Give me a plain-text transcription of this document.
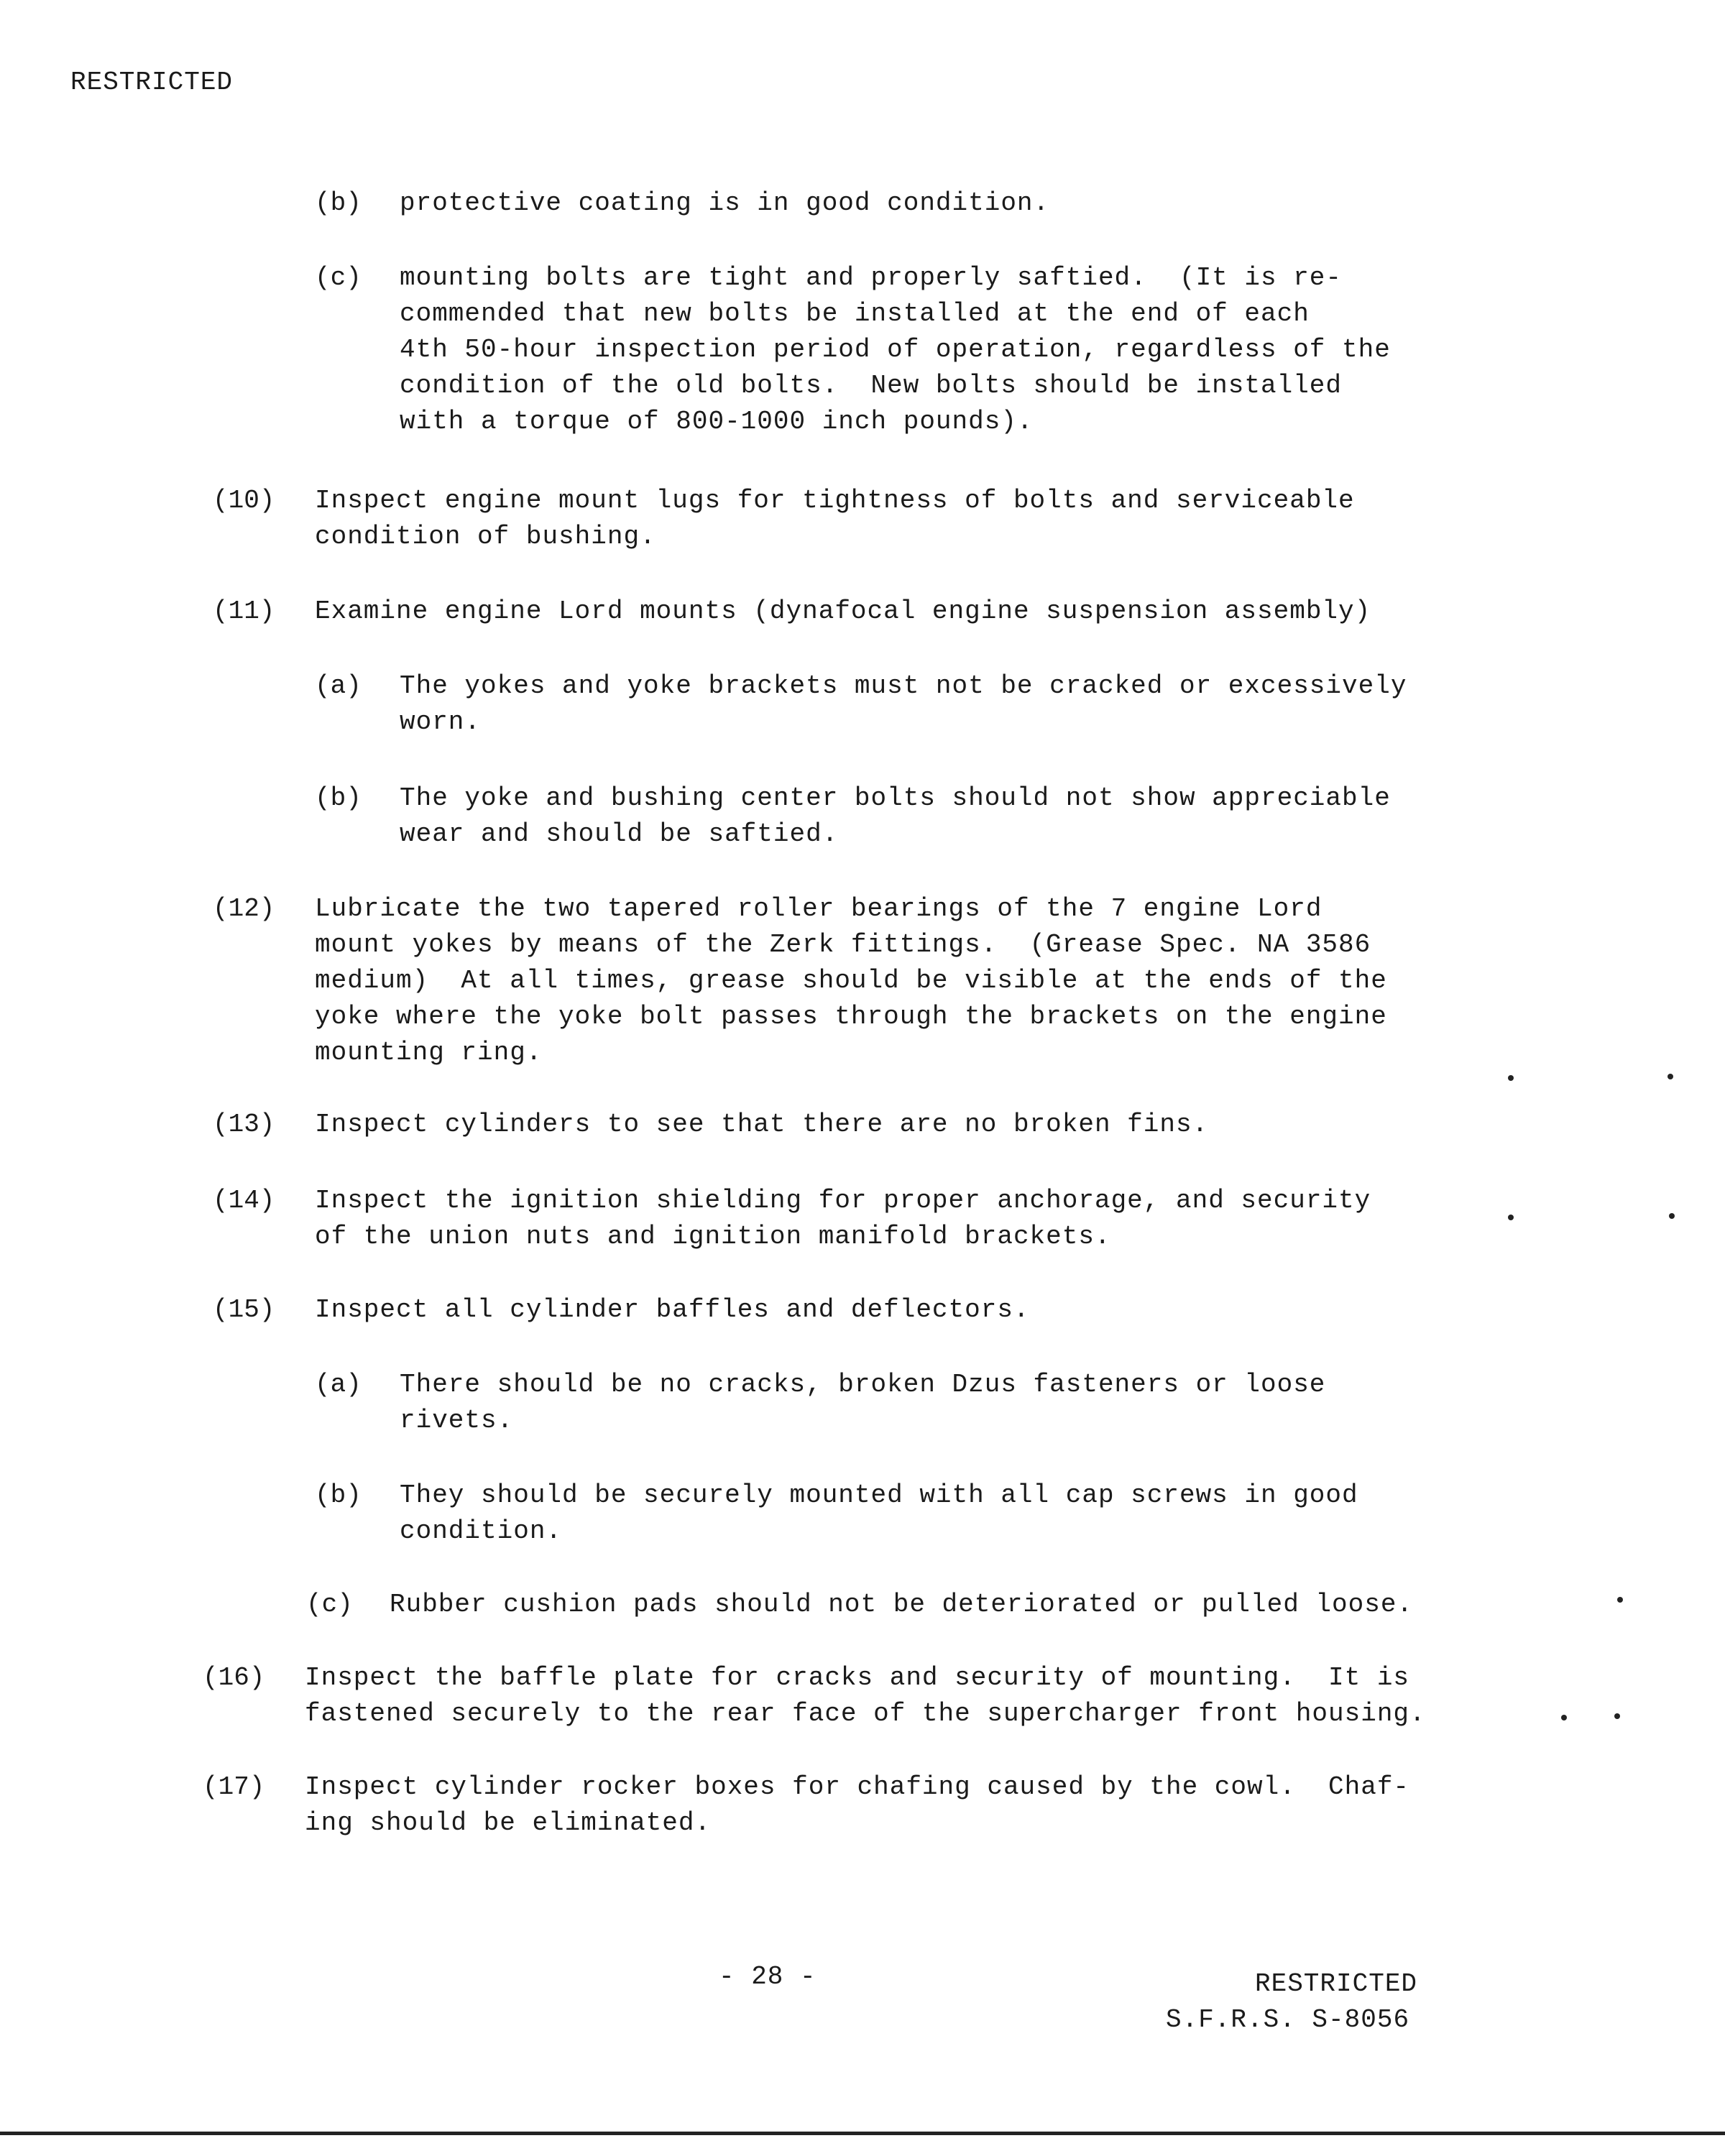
RESTRICTED
(b) protective coating is in good condition.
(c) mounting bolts are tight and properly saftied.  (It is re-
commended that new bolts be installed at the end of each
4th 50-hour inspection period of operation, regardless of the
condition of the old bolts.  New bolts should be installed
with a torque of 800-1000 inch pounds).
(10) Inspect engine mount lugs for tightness of bolts and serviceable
condition of bushing.
(11) Examine engine Lord mounts (dynafocal engine suspension assembly)
(a) The yokes and yoke brackets must not be cracked or excessively
worn.
(b) The yoke and bushing center bolts should not show appreciable
wear and should be saftied.
(12) Lubricate the two tapered roller bearings of the 7 engine Lord
mount yokes by means of the Zerk fittings.  (Grease Spec. NA 3586
medium)  At all times, grease should be visible at the ends of the
yoke where the yoke bolt passes through the brackets on the engine
mounting ring.
(13) Inspect cylinders to see that there are no broken fins.
(14) Inspect the ignition shielding for proper anchorage, and security
of the union nuts and ignition manifold brackets.
(15) Inspect all cylinder baffles and deflectors.
(a) There should be no cracks, broken Dzus fasteners or loose
rivets.
(b) They should be securely mounted with all cap screws in good
condition.
(c) Rubber cushion pads should not be deteriorated or pulled loose.
(16) Inspect the baffle plate for cracks and security of mounting.  It is
fastened securely to the rear face of the supercharger front housing.
(17) Inspect cylinder rocker boxes for chafing caused by the cowl.  Chaf-
ing should be eliminated.
- 28 -	RESTRICTED
S.F.R.S. S-8056
